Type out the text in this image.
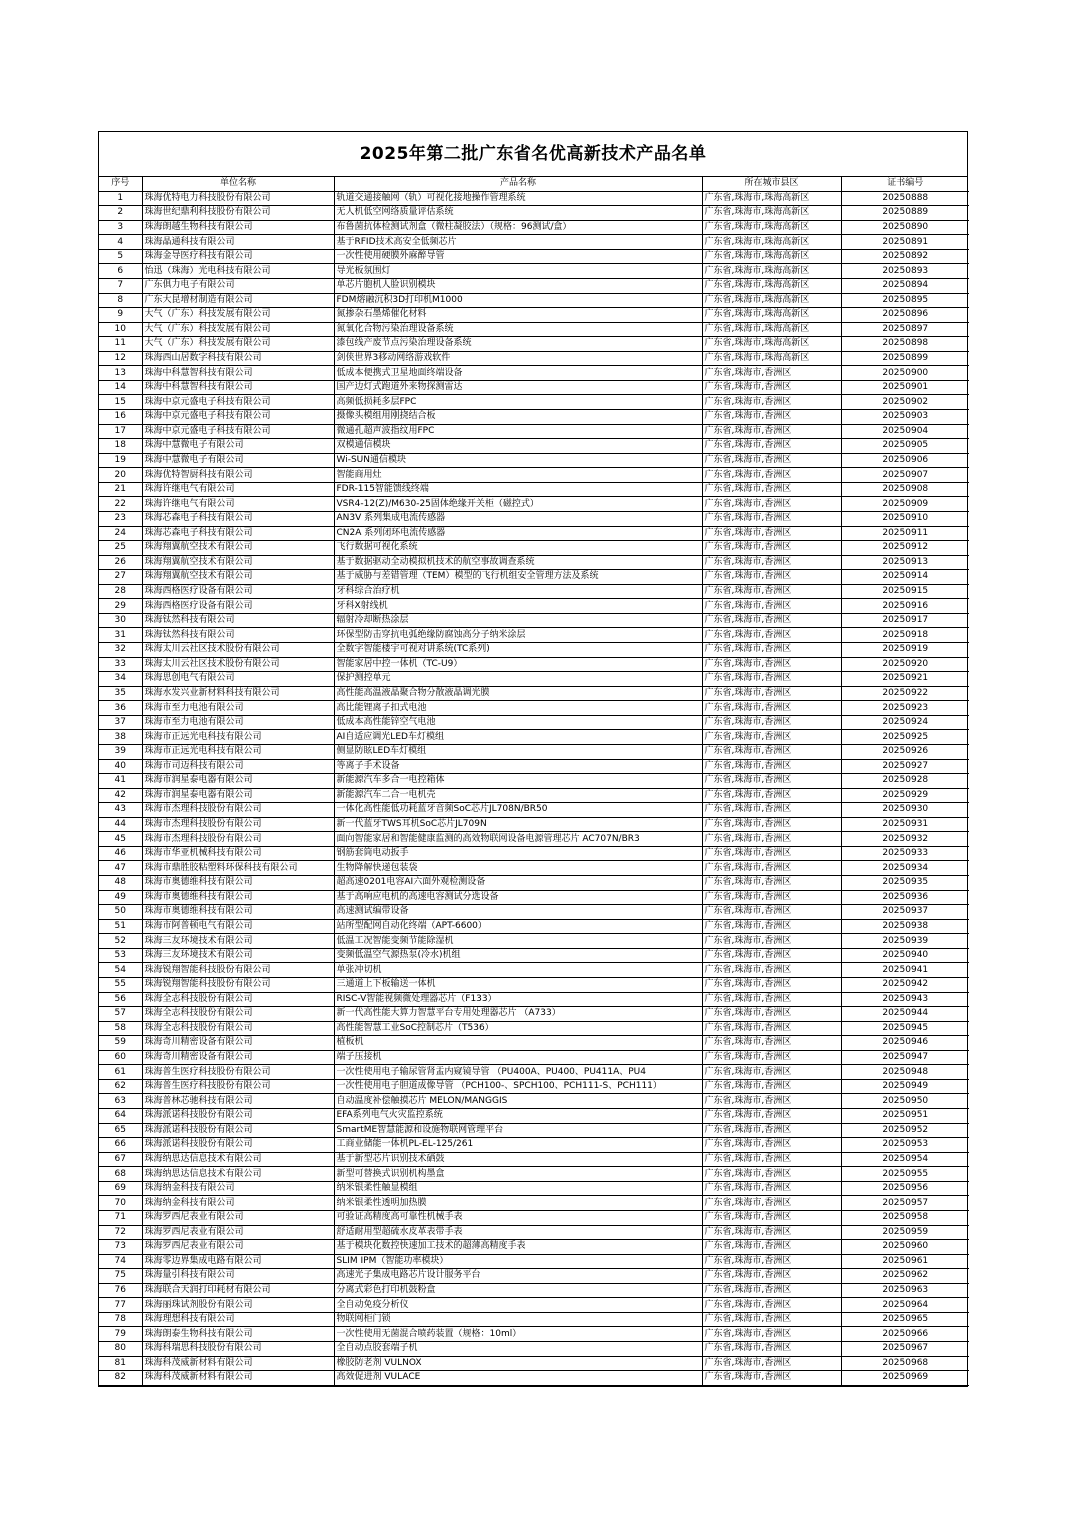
2025年第二批广东省名优高新技术产品名单
序号	单位名称	产品名称	所在城市县区	证书编号
1	珠海优特电力科技股份有限公司	轨道交通接触网（轨）可视化接地操作管理系统	广东省,珠海市,珠海高新区	20250888
2	珠海世纪鼎利科技股份有限公司	无人机低空网络质量评估系统	广东省,珠海市,珠海高新区	20250889
3	珠海朗越生物科技有限公司	布鲁菌抗体检测试剂盒（微柱凝胶法）（规格：96测试/盒）	广东省,珠海市,珠海高新区	20250890
4	珠海晶通科技有限公司	基于RFID技术高安全低频芯片	广东省,珠海市,珠海高新区	20250891
5	珠海金导医疗科技有限公司	一次性使用硬膜外麻醉导管	广东省,珠海市,珠海高新区	20250892
6	怡迅（珠海）光电科技有限公司	导光板氛围灯	广东省,珠海市,珠海高新区	20250893
7	广东俱力电子有限公司	单芯片胞机人脸识别模块	广东省,珠海市,珠海高新区	20250894
8	广东大昆增材制造有限公司	FDM熔融沉积3D打印机M1000	广东省,珠海市,珠海高新区	20250895
9	大气（广东）科技发展有限公司	氮掺杂石墨烯催化材料	广东省,珠海市,珠海高新区	20250896
10	大气（广东）科技发展有限公司	氮氧化合物污染治理设备系统	广东省,珠海市,珠海高新区	20250897
11	大气（广东）科技发展有限公司	漆包线产废节点污染治理设备系统	广东省,珠海市,珠海高新区	20250898
12	珠海西山居数字科技有限公司	剑侠世界3移动网络游戏软件	广东省,珠海市,珠海高新区	20250899
13	珠海中科慧智科技有限公司	低成本便携式卫星地面终端设备	广东省,珠海市,香洲区	20250900
14	珠海中科慧智科技有限公司	国产边灯式跑道外来物探测雷达	广东省,珠海市,香洲区	20250901
15	珠海中京元盛电子科技有限公司	高频低损耗多层FPC	广东省,珠海市,香洲区	20250902
16	珠海中京元盛电子科技有限公司	摄像头模组用刚挠结合板	广东省,珠海市,香洲区	20250903
17	珠海中京元盛电子科技有限公司	微通孔超声波指纹用FPC	广东省,珠海市,香洲区	20250904
18	珠海中慧微电子有限公司	双模通信模块	广东省,珠海市,香洲区	20250905
19	珠海中慧微电子有限公司	Wi-SUN通信模块	广东省,珠海市,香洲区	20250906
20	珠海优特智厨科技有限公司	智能商用灶	广东省,珠海市,香洲区	20250907
21	珠海许继电气有限公司	FDR-115智能馈线终端	广东省,珠海市,香洲区	20250908
22	珠海许继电气有限公司	VSR4-12(Z)/M630-25固体绝缘开关柜（磁控式）	广东省,珠海市,香洲区	20250909
23	珠海芯森电子科技有限公司	AN3V 系列集成电流传感器	广东省,珠海市,香洲区	20250910
24	珠海芯森电子科技有限公司	CN2A 系列闭环电流传感器	广东省,珠海市,香洲区	20250911
25	珠海翔翼航空技术有限公司	飞行数据可视化系统	广东省,珠海市,香洲区	20250912
26	珠海翔翼航空技术有限公司	基于数据驱动全动模拟机技术的航空事故调查系统	广东省,珠海市,香洲区	20250913
27	珠海翔翼航空技术有限公司	基于威胁与差错管理（TEM）模型的飞行机组安全管理方法及系统	广东省,珠海市,香洲区	20250914
28	珠海西格医疗设备有限公司	牙科综合治疗机	广东省,珠海市,香洲区	20250915
29	珠海西格医疗设备有限公司	牙科X射线机	广东省,珠海市,香洲区	20250916
30	珠海钛然科技有限公司	辐射冷却断热涂层	广东省,珠海市,香洲区	20250917
31	珠海钛然科技有限公司	环保型防击穿抗电弧绝缘防腐蚀高分子纳米涂层	广东省,珠海市,香洲区	20250918
32	珠海太川云社区技术股份有限公司	全数字智能楼宇可视对讲系统(TC系列)	广东省,珠海市,香洲区	20250919
33	珠海太川云社区技术股份有限公司	智能家居中控一体机（TC-U9）	广东省,珠海市,香洲区	20250920
34	珠海思创电气有限公司	保护测控单元	广东省,珠海市,香洲区	20250921
35	珠海水发兴业新材料科技有限公司	高性能高温液晶聚合物分散液晶调光膜	广东省,珠海市,香洲区	20250922
36	珠海市至力电池有限公司	高比能锂离子扣式电池	广东省,珠海市,香洲区	20250923
37	珠海市至力电池有限公司	低成本高性能锌空气电池	广东省,珠海市,香洲区	20250924
38	珠海市正远光电科技有限公司	AI自适应调光LED车灯模组	广东省,珠海市,香洲区	20250925
39	珠海市正远光电科技有限公司	侧显防眩LED车灯模组	广东省,珠海市,香洲区	20250926
40	珠海市司迈科技有限公司	等离子手术设备	广东省,珠海市,香洲区	20250927
41	珠海市润星泰电器有限公司	新能源汽车多合一电控箱体	广东省,珠海市,香洲区	20250928
42	珠海市润星泰电器有限公司	新能源汽车二合一电机壳	广东省,珠海市,香洲区	20250929
43	珠海市杰理科技股份有限公司	一体化高性能低功耗蓝牙音频SoC芯片JL708N/BR50	广东省,珠海市,香洲区	20250930
44	珠海市杰理科技股份有限公司	新一代蓝牙TWS耳机SoC芯片JL709N	广东省,珠海市,香洲区	20250931
45	珠海市杰理科技股份有限公司	面向智能家居和智能健康监测的高效物联网设备电源管理芯片 AC707N/BR3	广东省,珠海市,香洲区	20250932
46	珠海市华亚机械科技有限公司	钢筋套筒电动扳手	广东省,珠海市,香洲区	20250933
47	珠海市鼎胜胶粘塑料环保科技有限公司	生物降解快递包装袋	广东省,珠海市,香洲区	20250934
48	珠海市奥德维科技有限公司	超高速0201电容AI六面外观检测设备	广东省,珠海市,香洲区	20250935
49	珠海市奥德维科技有限公司	基于高响应电机的高速电容测试分选设备	广东省,珠海市,香洲区	20250936
50	珠海市奥德维科技有限公司	高速测试编带设备	广东省,珠海市,香洲区	20250937
51	珠海市阿普顿电气有限公司	站所型配网自动化终端（APT-6600）	广东省,珠海市,香洲区	20250938
52	珠海三友环境技术有限公司	低温工况智能变频节能除湿机	广东省,珠海市,香洲区	20250939
53	珠海三友环境技术有限公司	变频低温空气源热泵(冷水)机组	广东省,珠海市,香洲区	20250940
54	珠海锐翔智能科技股份有限公司	单张冲切机	广东省,珠海市,香洲区	20250941
55	珠海锐翔智能科技股份有限公司	三通道上下板输送一体机	广东省,珠海市,香洲区	20250942
56	珠海全志科技股份有限公司	RISC-V智能视频微处理器芯片（F133）	广东省,珠海市,香洲区	20250943
57	珠海全志科技股份有限公司	新一代高性能大算力智慧平台专用处理器芯片 （A733）	广东省,珠海市,香洲区	20250944
58	珠海全志科技股份有限公司	高性能智慧工业SoC控制芯片（T536）	广东省,珠海市,香洲区	20250945
59	珠海奇川精密设备有限公司	植板机	广东省,珠海市,香洲区	20250946
60	珠海奇川精密设备有限公司	端子压接机	广东省,珠海市,香洲区	20250947
61	珠海普生医疗科技股份有限公司	一次性使用电子输尿管肾盂内窥镜导管 （PU400A、PU400、PU411A、PU4	广东省,珠海市,香洲区	20250948
62	珠海普生医疗科技股份有限公司	一次性使用电子胆道成像导管 （PCH100-、SPCH100、PCH111-S、PCH111）	广东省,珠海市,香洲区	20250949
63	珠海普林芯驰科技有限公司	自动温度补偿触摸芯片 MELON/MANGGIS	广东省,珠海市,香洲区	20250950
64	珠海派诺科技股份有限公司	EFA系列电气火灾监控系统	广东省,珠海市,香洲区	20250951
65	珠海派诺科技股份有限公司	SmartME智慧能源和设施物联网管理平台	广东省,珠海市,香洲区	20250952
66	珠海派诺科技股份有限公司	工商业储能一体机PL-EL-125/261	广东省,珠海市,香洲区	20250953
67	珠海纳思达信息技术有限公司	基于新型芯片识别技术硒鼓	广东省,珠海市,香洲区	20250954
68	珠海纳思达信息技术有限公司	新型可替换式识别机构墨盒	广东省,珠海市,香洲区	20250955
69	珠海纳金科技有限公司	纳米银柔性触显模组	广东省,珠海市,香洲区	20250956
70	珠海纳金科技有限公司	纳米银柔性透明加热膜	广东省,珠海市,香洲区	20250957
71	珠海罗西尼表业有限公司	可验证高精度高可靠性机械手表	广东省,珠海市,香洲区	20250958
72	珠海罗西尼表业有限公司	舒适耐用型超硫水皮革表带手表	广东省,珠海市,香洲区	20250959
73	珠海罗西尼表业有限公司	基于模块化数控快速加工技术的超薄高精度手表	广东省,珠海市,香洲区	20250960
74	珠海零边界集成电路有限公司	SLIM IPM（智能功率模块）	广东省,珠海市,香洲区	20250961
75	珠海量引科技有限公司	高速光子集成电路芯片设计服务平台	广东省,珠海市,香洲区	20250962
76	珠海联合天润打印耗材有限公司	分离式彩色打印机鼓粉盒	广东省,珠海市,香洲区	20250963
77	珠海丽珠试剂股份有限公司	全自动免疫分析仪	广东省,珠海市,香洲区	20250964
78	珠海理想科技有限公司	物联网柜门锁	广东省,珠海市,香洲区	20250965
79	珠海朗泰生物科技有限公司	一次性使用无菌混合喷药装置（规格：10ml）	广东省,珠海市,香洲区	20250966
80	珠海科瑞思科技股份有限公司	全自动点胶套端子机	广东省,珠海市,香洲区	20250967
81	珠海科茂威新材料有限公司	橡胶防老剂 VULNOX	广东省,珠海市,香洲区	20250968
82	珠海科茂威新材料有限公司	高效促进剂 VULACE	广东省,珠海市,香洲区	20250969
